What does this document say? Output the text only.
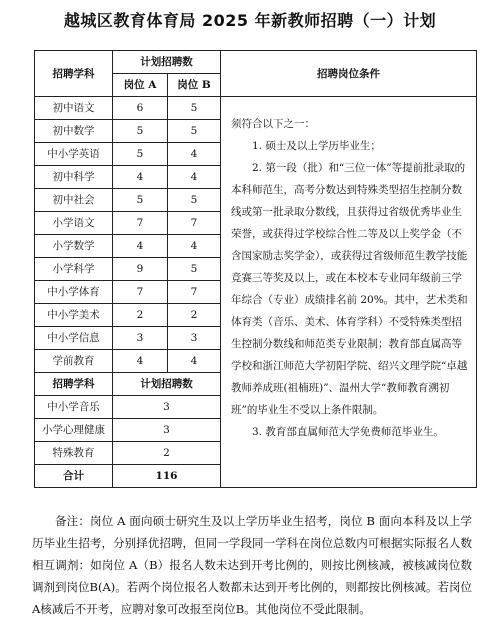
越城区教育体育局 2025 年新教师招聘（一）计划
招聘学科	计划招聘数		招聘岗位条件
	岗位 A	岗位 B	
初中语文	6	5	须符合以下之一：

1. 硕士及以上学历毕业生；

2. 第一段（批）和“三位一体”等提前批录取的本科师范生，高考分数达到特殊类型招生控制分数线或第一批录取分数线，且获得过省级优秀毕业生荣誉，或获得过学校综合性二等及以上奖学金（不含国家励志奖学金），或获得过省级师范生教学技能竞赛三等奖及以上，或在本校本专业同年级前三学年综合（专业）成绩排名前 20%。其中，艺术类和体育类（音乐、美术、体育学科）不受特殊类型招生控制分数线和师范类专业限制；教育部直属高等学校和浙江师范大学初阳学院、绍兴文理学院“卓越教师养成班(祖楠班)”、温州大学“教师教育溯初班”的毕业生不受以上条件限制。

3. 教育部直属师范大学免费师范毕业生。

初中数学	5	5	
中小学英语	5	4	
初中科学	4	4	
初中社会	5	5	
小学语文	7	7	
小学数学	4	4	
小学科学	9	5	
中小学体育	7	7	
中小学美术	2	2	
中小学信息	3	3	
学前教育	4	4	
招聘学科	计划招聘数		
中小学音乐	3		
小学心理健康	3		
特殊教育	2		
合计	116		

备注：岗位 A 面向硕士研究生及以上学历毕业生招考，岗位 B 面向本科及以上学历毕业生招考，分别择优招聘，但同一学段同一学科在岗位总数内可根据实际报名人数相互调剂：如岗位 A（B）报名人数未达到开考比例的，则按比例核减，被核减岗位数调剂到岗位B(A)。若两个岗位报名人数都未达到开考比例的，则都按比例核减。若岗位A核减后不开考，应聘对象可改报至岗位B。其他岗位不受此限制。
